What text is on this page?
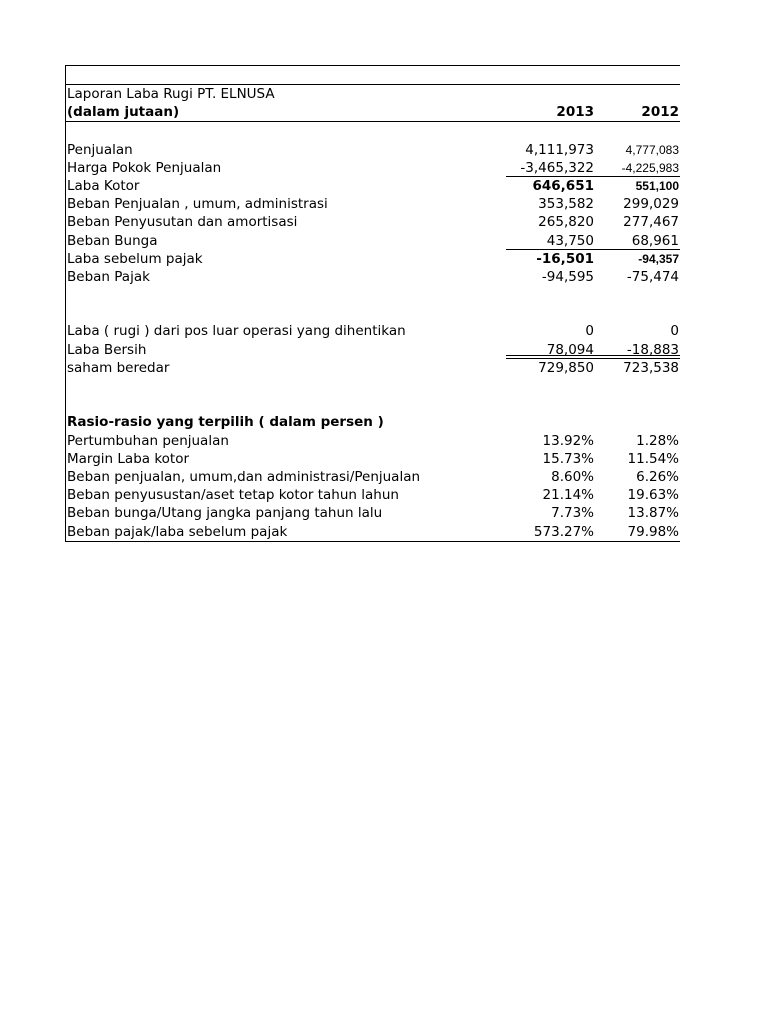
Laporan Laba Rugi PT. ELNUSA
(dalam jutaan)	2013	2012
Penjualan	4,111,973	4,777,083
Harga Pokok Penjualan	-3,465,322	-4,225,983
Laba Kotor	646,651	551,100
Beban Penjualan , umum, administrasi	353,582	299,029
Beban Penyusutan dan amortisasi	265,820	277,467
Beban Bunga	43,750	68,961
Laba sebelum pajak	-16,501	-94,357
Beban Pajak	-94,595	-75,474
Laba ( rugi ) dari pos luar operasi yang dihentikan	0	0
Laba Bersih	78,094	-18,883
saham beredar	729,850	723,538
Rasio-rasio yang terpilih ( dalam persen )
Pertumbuhan penjualan	13.92%	1.28%
Margin Laba kotor	15.73%	11.54%
Beban penjualan, umum,dan administrasi/Penjualan	8.60%	6.26%
Beban penyusustan/aset tetap kotor tahun lahun	21.14%	19.63%
Beban bunga/Utang jangka panjang tahun lalu	7.73%	13.87%
Beban pajak/laba sebelum pajak	573.27%	79.98%
